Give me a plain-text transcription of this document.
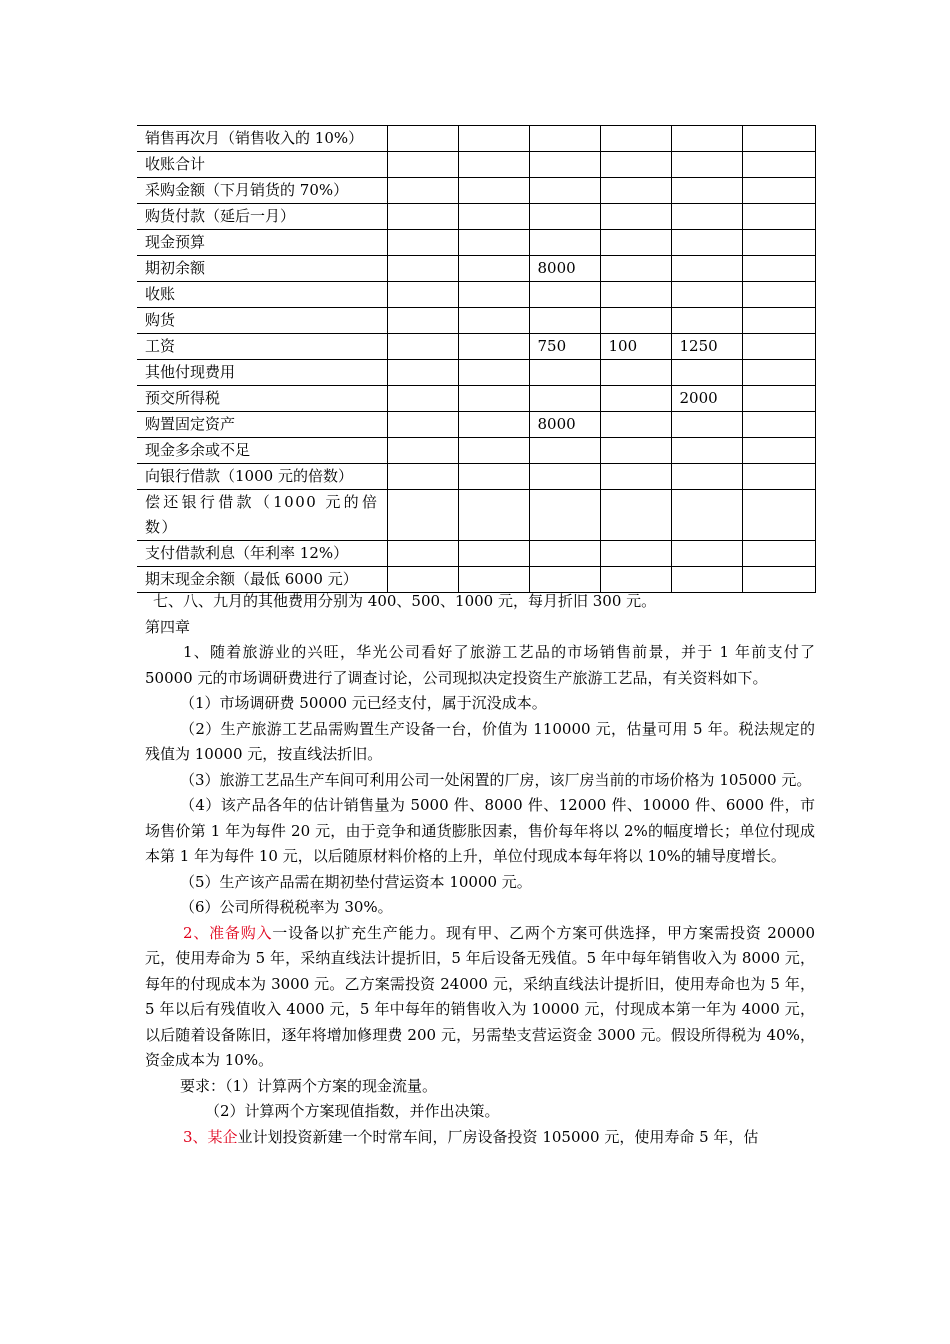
销售再次月（销售收入的 10%）						
收账合计						
采购金额（下月销货的 70%）						
购货付款（延后一月）						
现金预算						
期初余额			8000			
收账						
购货						
工资			750	100	1250	
其他付现费用						
预交所得税					2000	
购置固定资产			8000			
现金多余或不足						
向银行借款（1000 元的倍数）						
偿还银行借款（1000 元的倍数）						
支付借款利息（年利率 12%）						
期末现金余额（最低 6000 元）						

七、八、九月的其他费用分别为 400、500、1000 元，每月折旧 300 元。

第四章

1、随着旅游业的兴旺，华光公司看好了旅游工艺品的市场销售前景，并于 1 年前支付了 50000 元的市场调研费进行了调查讨论，公司现拟决定投资生产旅游工艺品，有关资料如下。

（1）市场调研费 50000 元已经支付，属于沉没成本。

（2）生产旅游工艺品需购置生产设备一台，价值为 110000 元，估量可用 5 年。税法规定的残值为 10000 元，按直线法折旧。

（3）旅游工艺品生产车间可利用公司一处闲置的厂房，该厂房当前的市场价格为 105000 元。

（4）该产品各年的估计销售量为 5000 件、8000 件、12000 件、10000 件、6000 件，市场售价第 1 年为每件 20 元，由于竞争和通货膨胀因素，售价每年将以 2%的幅度增长；单位付现成本第 1 年为每件 10 元，以后随原材料价格的上升，单位付现成本每年将以 10%的辅导度增长。

（5）生产该产品需在期初垫付营运资本 10000 元。

（6）公司所得税税率为 30%。

2、准备购入一设备以扩充生产能力。现有甲、乙两个方案可供选择，甲方案需投资 20000 元，使用寿命为 5 年，采纳直线法计提折旧，5 年后设备无残值。5 年中每年销售收入为 8000 元，每年的付现成本为 3000 元。乙方案需投资 24000 元，采纳直线法计提折旧，使用寿命也为 5 年，5 年以后有残值收入 4000 元，5 年中每年的销售收入为 10000 元，付现成本第一年为 4000 元，以后随着设备陈旧，逐年将增加修理费 200 元，另需垫支营运资金 3000 元。假设所得税为 40%，资金成本为 10%。

要求：（1）计算两个方案的现金流量。

（2）计算两个方案现值指数，并作出决策。

3、某企业计划投资新建一个时常车间，厂房设备投资 105000 元，使用寿命 5 年，估
